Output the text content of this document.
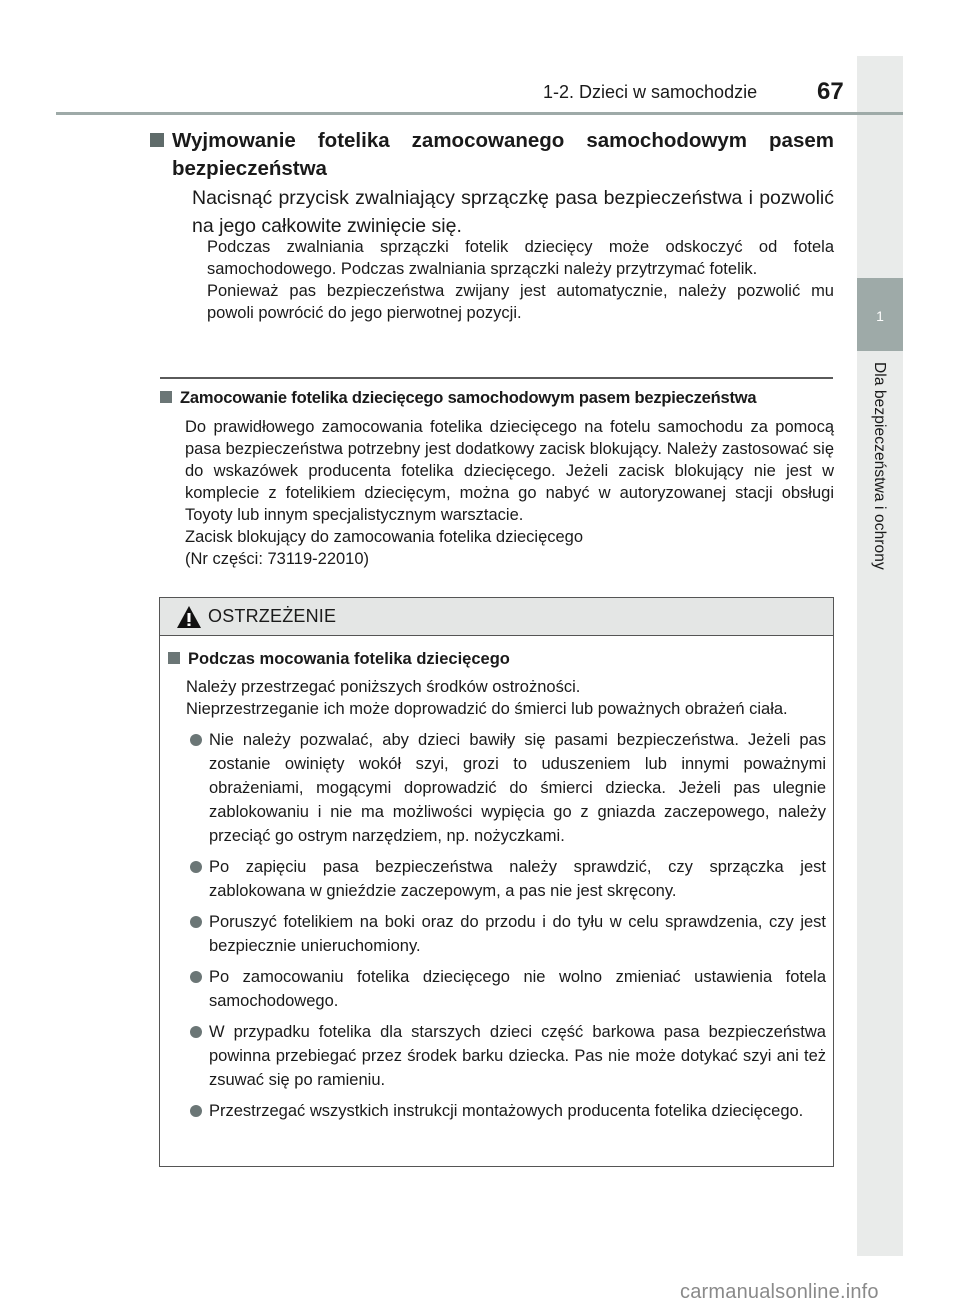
1
Dla bezpieczeństwa i ochrony
1-2. Dzieci w samochodzie 67
Wyjmowanie fotelika zamocowanego samochodowym pasem bezpieczeństwa
Nacisnąć przycisk zwalniający sprzączkę pasa bezpieczeństwa i pozwolić na jego całkowite zwinięcie się.

Podczas zwalniania sprzączki fotelik dziecięcy może odskoczyć od fotela samochodowego. Podczas zwalniania sprzączki należy przytrzymać fotelik.

Ponieważ pas bezpieczeństwa zwijany jest automatycznie, należy pozwolić mu powoli powrócić do jego pierwotnej pozycji.

Zamocowanie fotelika dziecięcego samochodowym pasem bezpieczeństwa
Do prawidłowego zamocowania fotelika dziecięcego na fotelu samochodu za pomocą pasa bezpieczeństwa potrzebny jest dodatkowy zacisk blokujący. Należy zastosować się do wskazówek producenta fotelika dziecięcego. Jeżeli zacisk blokujący nie jest w komplecie z fotelikiem dziecięcym, można go nabyć w autoryzowanej stacji obsługi Toyoty lub innym specjalistycznym warsztacie.

Zacisk blokujący do zamocowania fotelika dziecięcego

(Nr części: 73119-22010)

OSTRZEŻENIE
Podczas mocowania fotelika dziecięcego

Należy przestrzegać poniższych środków ostrożności.

Nieprzestrzeganie ich może doprowadzić do śmierci lub poważnych obrażeń ciała.

Nie należy pozwalać, aby dzieci bawiły się pasami bezpieczeństwa. Jeżeli pas zostanie owinięty wokół szyi, grozi to uduszeniem lub innymi poważnymi obrażeniami, mogącymi doprowadzić do śmierci dziecka. Jeżeli pas ulegnie zablokowaniu i nie ma możliwości wypięcia go z gniazda zaczepowego, należy przeciąć go ostrym narzędziem, np. nożyczkami.
Po zapięciu pasa bezpieczeństwa należy sprawdzić, czy sprzączka jest zablokowana w gnieździe zaczepowym, a pas nie jest skręcony.
Poruszyć fotelikiem na boki oraz do przodu i do tyłu w celu sprawdzenia, czy jest bezpiecznie unieruchomiony.
Po zamocowaniu fotelika dziecięcego nie wolno zmieniać ustawienia fotela samochodowego.
W przypadku fotelika dla starszych dzieci część barkowa pasa bezpieczeństwa powinna przebiegać przez środek barku dziecka. Pas nie może dotykać szyi ani też zsuwać się po ramieniu.
Przestrzegać wszystkich instrukcji montażowych producenta fotelika dziecięcego.
carmanualsonline.info
